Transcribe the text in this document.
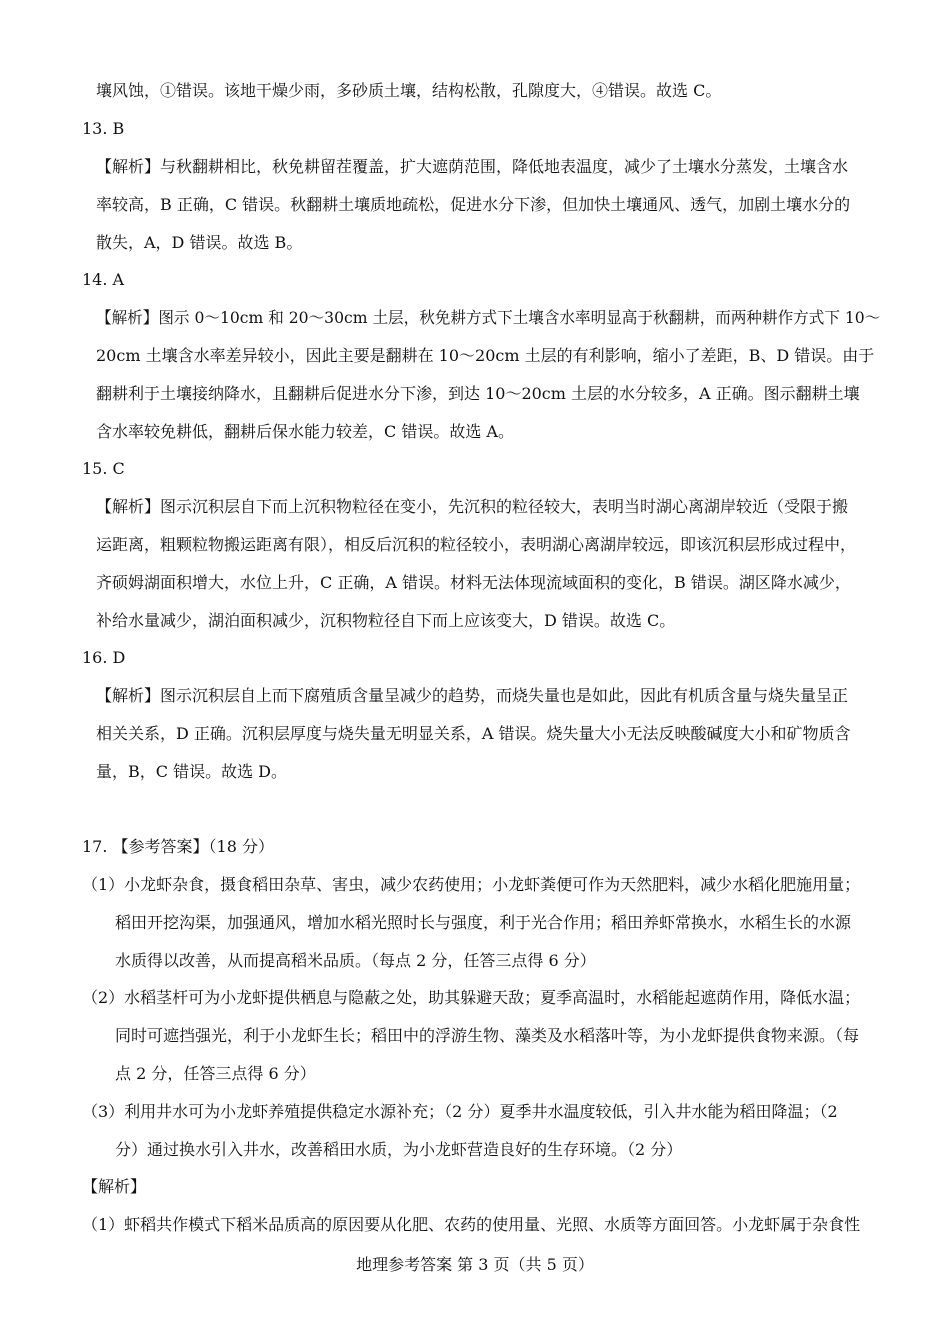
壤风蚀，①错误。该地干燥少雨，多砂质土壤，结构松散，孔隙度大，④错误。故选 C。
13. B
【解析】与秋翻耕相比，秋免耕留茬覆盖，扩大遮荫范围，降低地表温度，减少了土壤水分蒸发，土壤含水
率较高，B 正确，C 错误。秋翻耕土壤质地疏松，促进水分下渗，但加快土壤通风、透气，加剧土壤水分的
散失，A，D 错误。故选 B。
14. A
【解析】图示 0～10cm 和 20～30cm 土层，秋免耕方式下土壤含水率明显高于秋翻耕，而两种耕作方式下 10～
20cm 土壤含水率差异较小，因此主要是翻耕在 10～20cm 土层的有利影响，缩小了差距，B、D 错误。由于
翻耕利于土壤接纳降水，且翻耕后促进水分下渗，到达 10～20cm 土层的水分较多，A 正确。图示翻耕土壤
含水率较免耕低，翻耕后保水能力较差，C 错误。故选 A。
15. C
【解析】图示沉积层自下而上沉积物粒径在变小，先沉积的粒径较大，表明当时湖心离湖岸较近（受限于搬
运距离，粗颗粒物搬运距离有限），相反后沉积的粒径较小，表明湖心离湖岸较远，即该沉积层形成过程中，
齐硕姆湖面积增大，水位上升，C 正确，A 错误。材料无法体现流域面积的变化，B 错误。湖区降水减少，
补给水量减少，湖泊面积减少，沉积物粒径自下而上应该变大，D 错误。故选 C。
16. D
【解析】图示沉积层自上而下腐殖质含量呈减少的趋势，而烧失量也是如此，因此有机质含量与烧失量呈正
相关关系，D 正确。沉积层厚度与烧失量无明显关系，A 错误。烧失量大小无法反映酸碱度大小和矿物质含
量，B，C 错误。故选 D。
17. 【参考答案】（18 分）
（1）小龙虾杂食，摄食稻田杂草、害虫，减少农药使用；小龙虾粪便可作为天然肥料，减少水稻化肥施用量；
稻田开挖沟渠，加强通风，增加水稻光照时长与强度，利于光合作用；稻田养虾常换水，水稻生长的水源
水质得以改善，从而提高稻米品质。（每点 2 分，任答三点得 6 分）
（2）水稻茎杆可为小龙虾提供栖息与隐蔽之处，助其躲避天敌；夏季高温时，水稻能起遮荫作用，降低水温；
同时可遮挡强光，利于小龙虾生长；稻田中的浮游生物、藻类及水稻落叶等，为小龙虾提供食物来源。（每
点 2 分，任答三点得 6 分）
（3）利用井水可为小龙虾养殖提供稳定水源补充；（2 分）夏季井水温度较低，引入井水能为稻田降温；（2
分）通过换水引入井水，改善稻田水质，为小龙虾营造良好的生存环境。（2 分）
【解析】
（1）虾稻共作模式下稻米品质高的原因要从化肥、农药的使用量、光照、水质等方面回答。小龙虾属于杂食性
地理参考答案 第 3 页（共 5 页）
